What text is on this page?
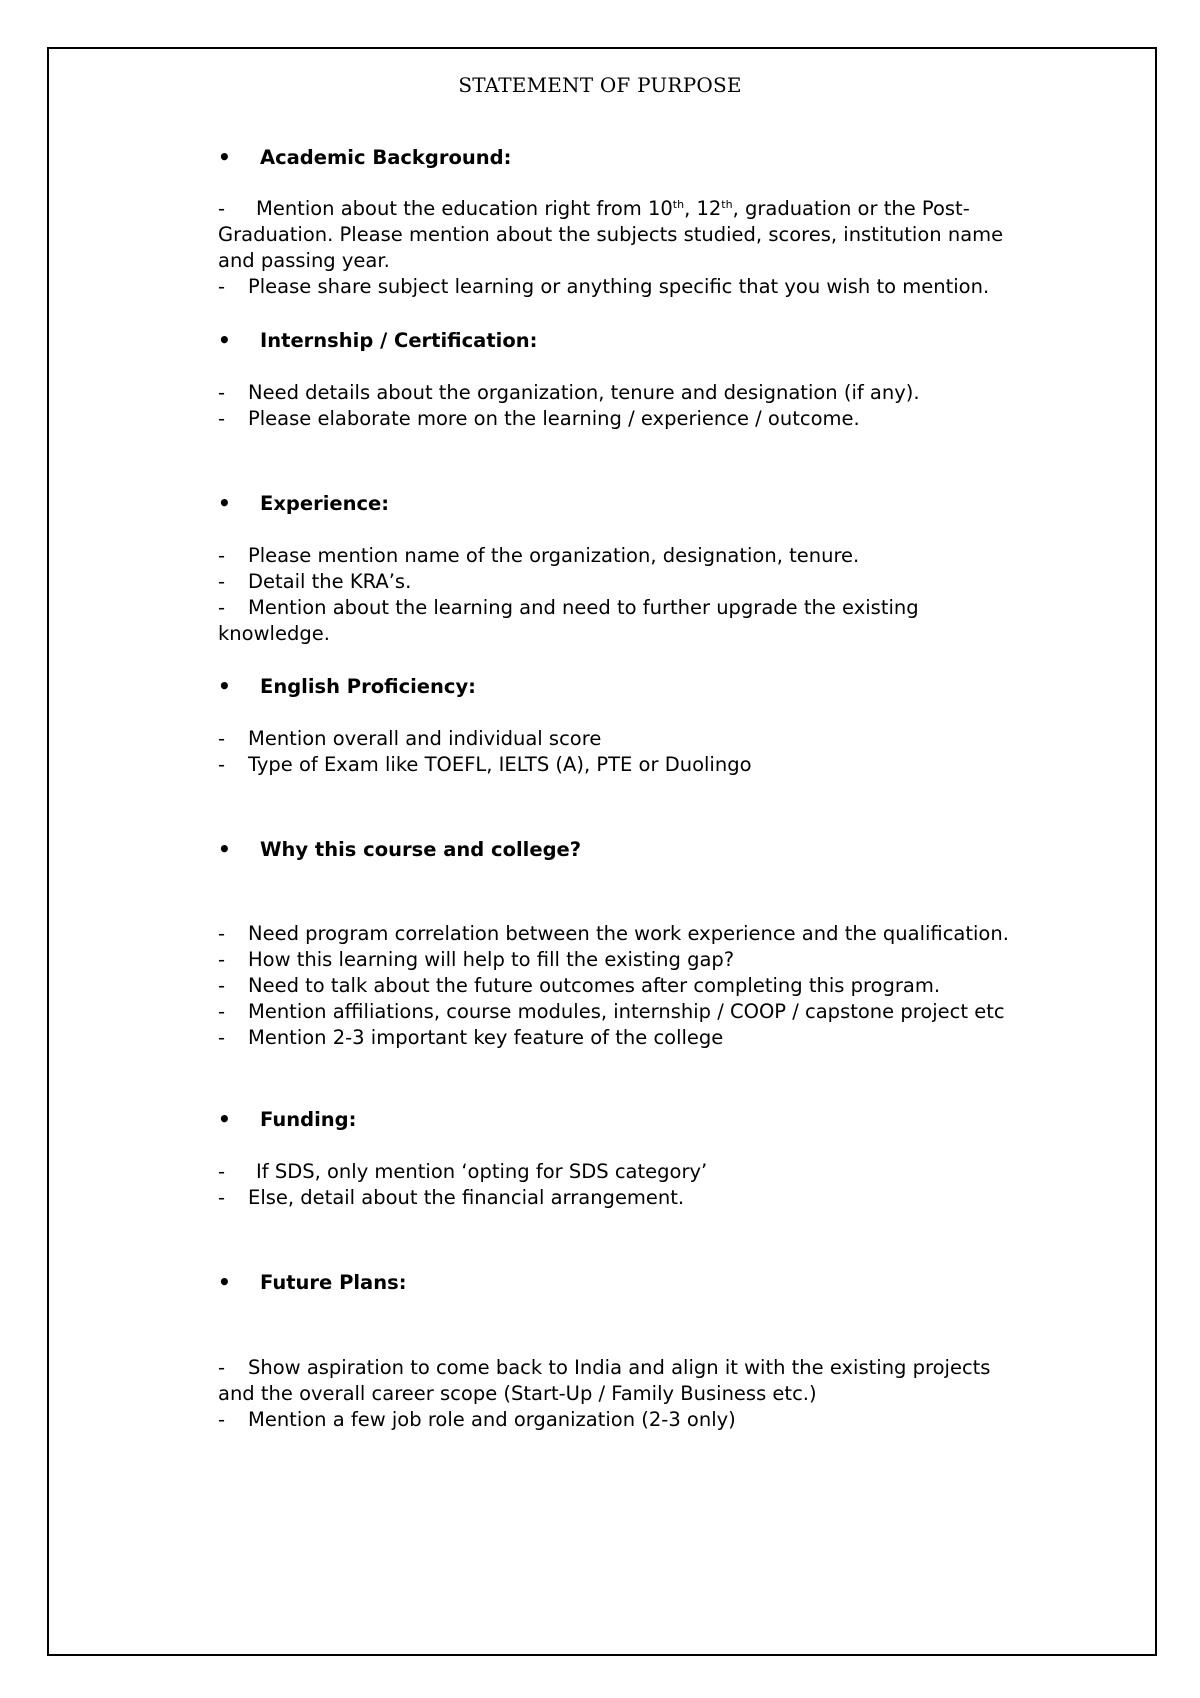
STATEMENT OF PURPOSE
• Academic Background:
- Mention about the education right from 10th, 12th, graduation or the Post-
Graduation. Please mention about the subjects studied, scores, institution name
and passing year.
- Please share subject learning or anything specific that you wish to mention.
• Internship / Certification:
- Need details about the organization, tenure and designation (if any).
- Please elaborate more on the learning / experience / outcome.
• Experience:
- Please mention name of the organization, designation, tenure.
- Detail the KRA’s.
- Mention about the learning and need to further upgrade the existing
knowledge.
• English Proficiency:
- Mention overall and individual score
- Type of Exam like TOEFL, IELTS (A), PTE or Duolingo
• Why this course and college?
- Need program correlation between the work experience and the qualification.
- How this learning will help to fill the existing gap?
- Need to talk about the future outcomes after completing this program.
- Mention affiliations, course modules, internship / COOP / capstone project etc
- Mention 2-3 important key feature of the college
• Funding:
- If SDS, only mention ‘opting for SDS category’
- Else, detail about the financial arrangement.
• Future Plans:
- Show aspiration to come back to India and align it with the existing projects
and the overall career scope (Start-Up / Family Business etc.)
- Mention a few job role and organization (2-3 only)
